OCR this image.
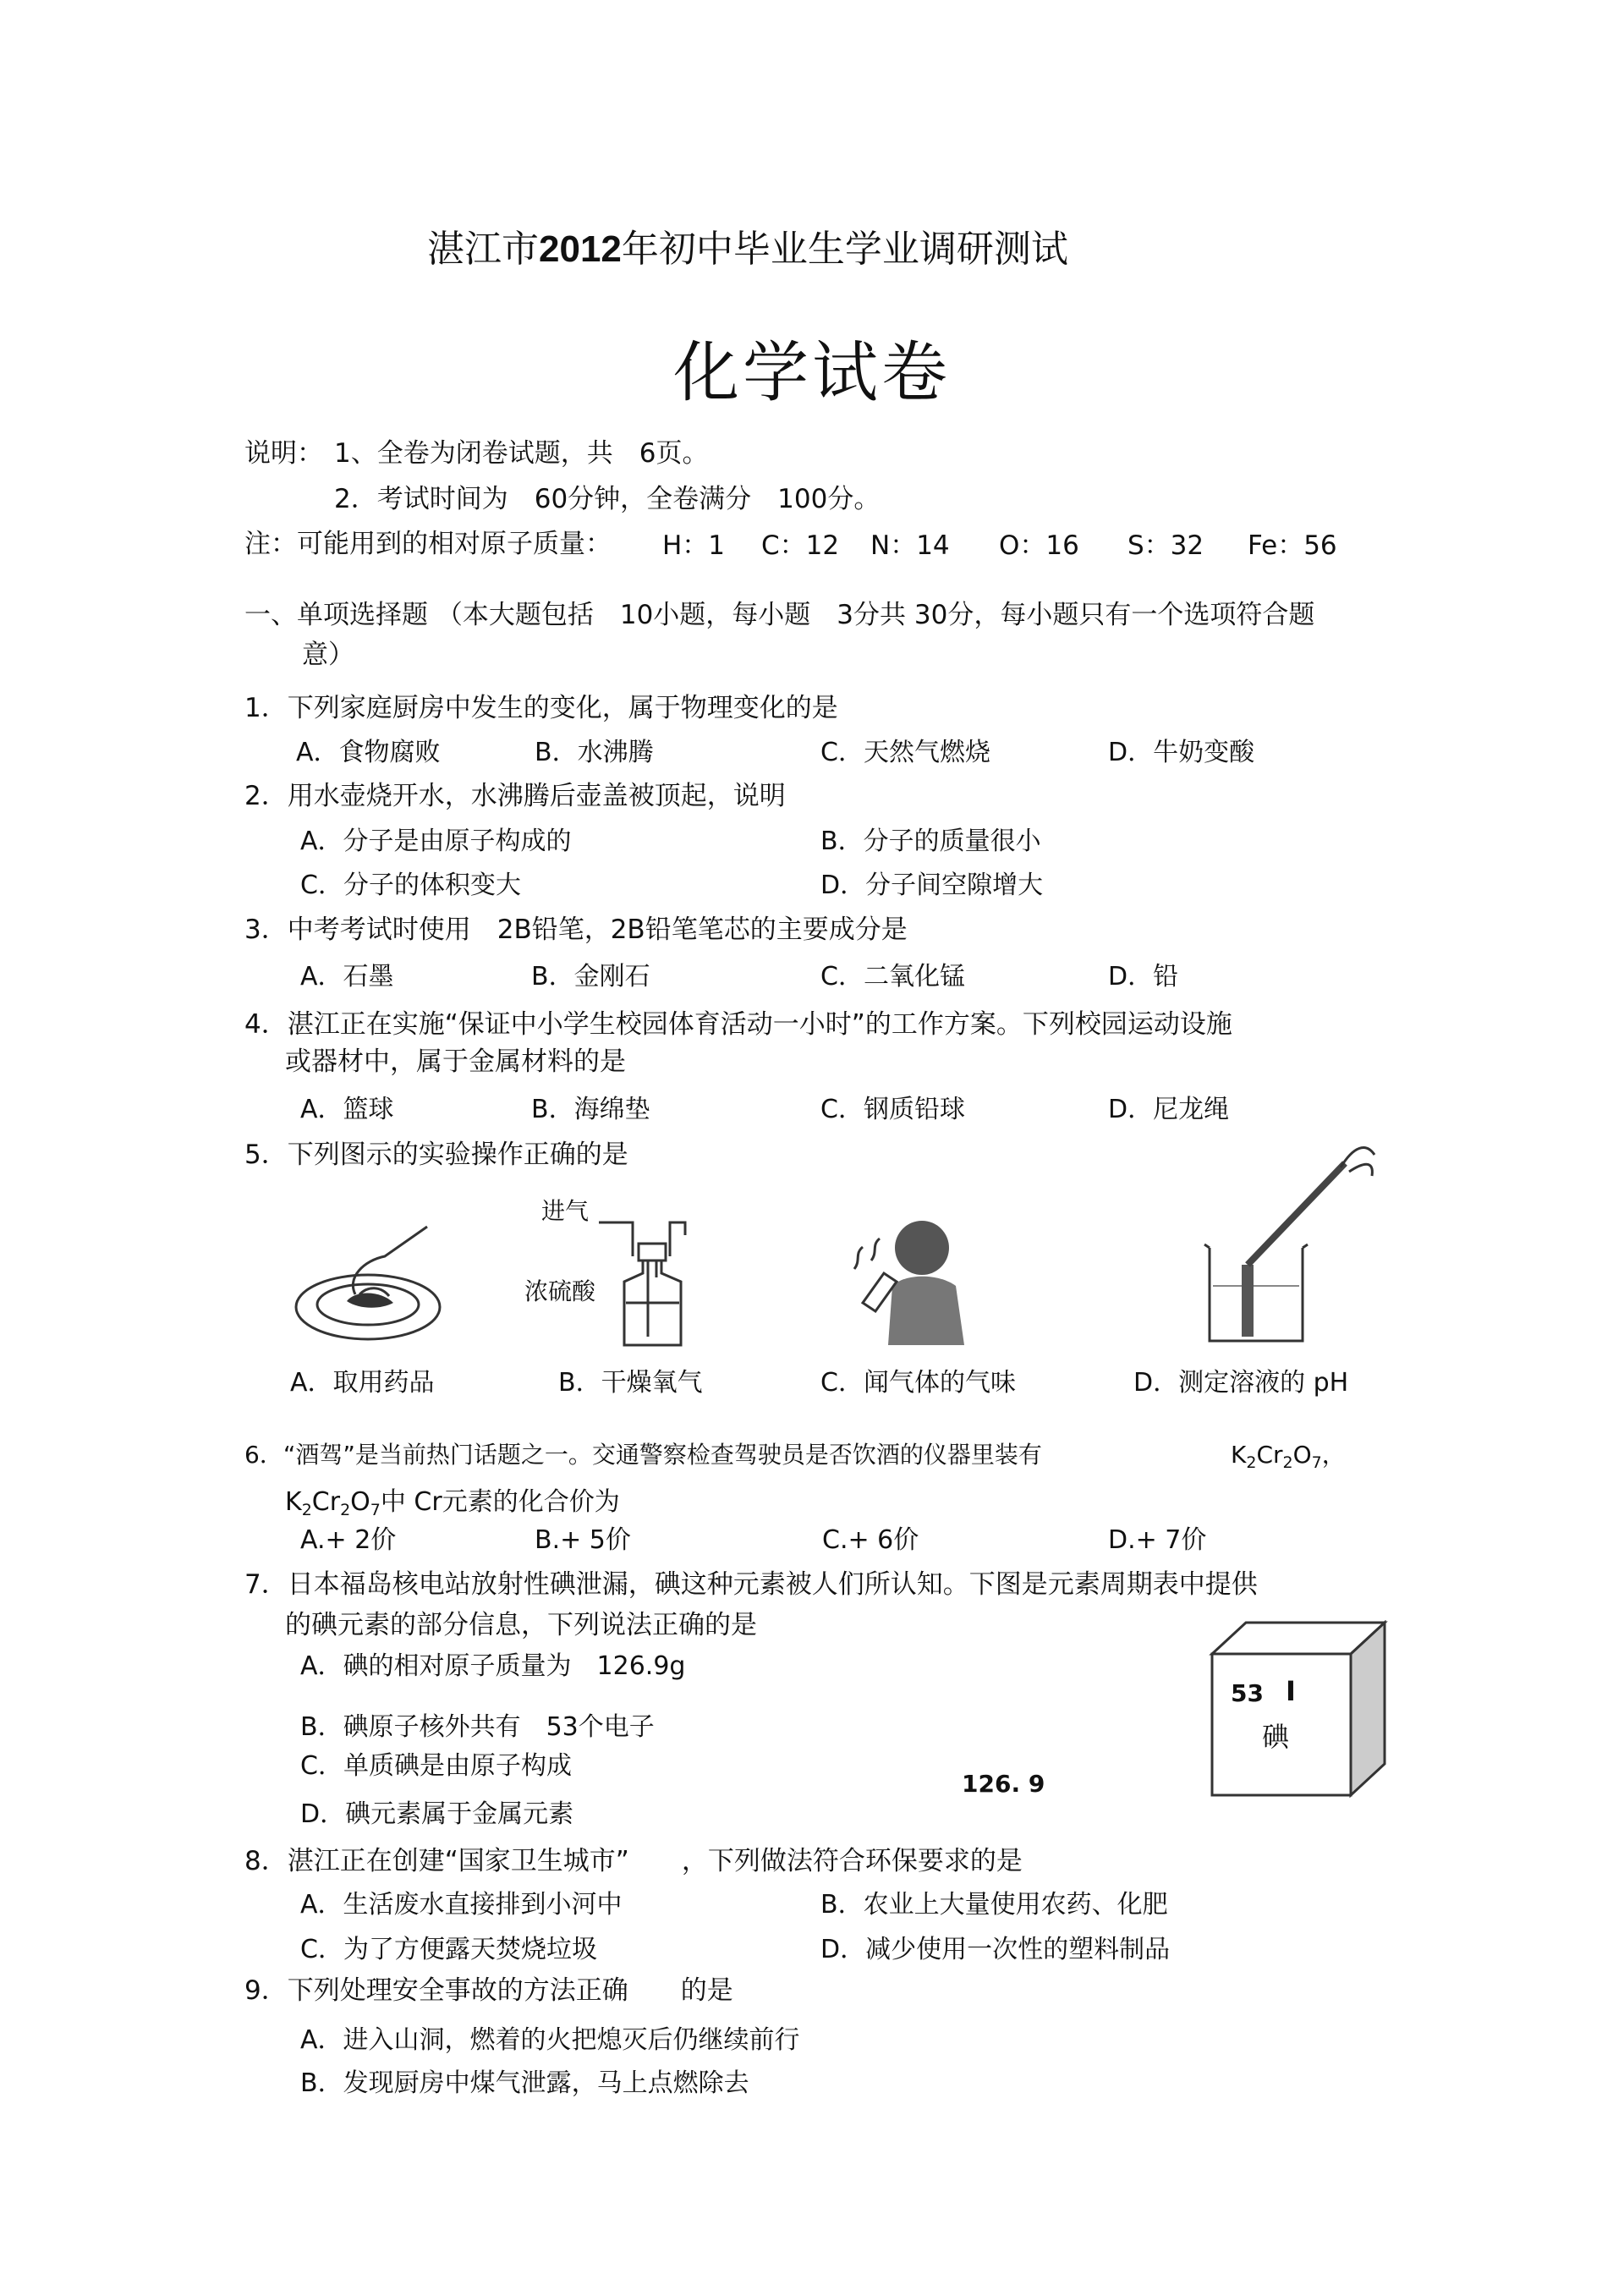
湛江市2012年初中毕业生学业调研测试
化学试卷
说明： 1、全卷为闭卷试题，共　6页。
2．考试时间为　60分钟，全卷满分　100分。
注：可能用到的相对原子质量： H：1 C：12 N：14 O：16 S：32 Fe：56
一、单项选择题 （本大题包括　10小题，每小题　3分共 30分，每小题只有一个选项符合题
意）
1．下列家庭厨房中发生的变化，属于物理变化的是
A．食物腐败	B．水沸腾	C．天然气燃烧	D．牛奶变酸
2．用水壶烧开水，水沸腾后壶盖被顶起，说明
A．分子是由原子构成的	B．分子的质量很小
C．分子的体积变大	D．分子间空隙增大
3．中考考试时使用　2B铅笔，2B铅笔笔芯的主要成分是
A．石墨	B．金刚石	C．二氧化锰	D．铅
4．湛江正在实施“保证中小学生校园体育活动一小时”的工作方案。下列校园运动设施
或器材中，属于金属材料的是
A．篮球	B．海绵垫	C．钢质铅球	D．尼龙绳
5．下列图示的实验操作正确的是
进气
浓硫酸
A．取用药品	B．干燥氧气	C．闻气体的气味	D．测定溶液的 pH
6．“酒驾”是当前热门话题之一。交通警察检查驾驶员是否饮酒的仪器里装有	$K_2Cr_2O_7$，
$K_2Cr_2O_7$中 Cr元素的化合价为
A.+ 2价	B.+ 5价	C.+ 6价	D.+ 7价
7．日本福岛核电站放射性碘泄漏，碘这种元素被人们所认知。下图是元素周期表中提供
的碘元素的部分信息，下列说法正确的是
A．碘的相对原子质量为　126.9g
B．碘原子核外共有　53个电子
C．单质碘是由原子构成
D．碘元素属于金属元素
53 I
碘
126. 9
8．湛江正在创建“国家卫生城市”　　，下列做法符合环保要求的是
A．生活废水直接排到小河中	B．农业上大量使用农药、化肥
C．为了方便露天焚烧垃圾	D．减少使用一次性的塑料制品
9．下列处理安全事故的方法正确　　的是
A．进入山洞，燃着的火把熄灭后仍继续前行
B．发现厨房中煤气泄露，马上点燃除去
